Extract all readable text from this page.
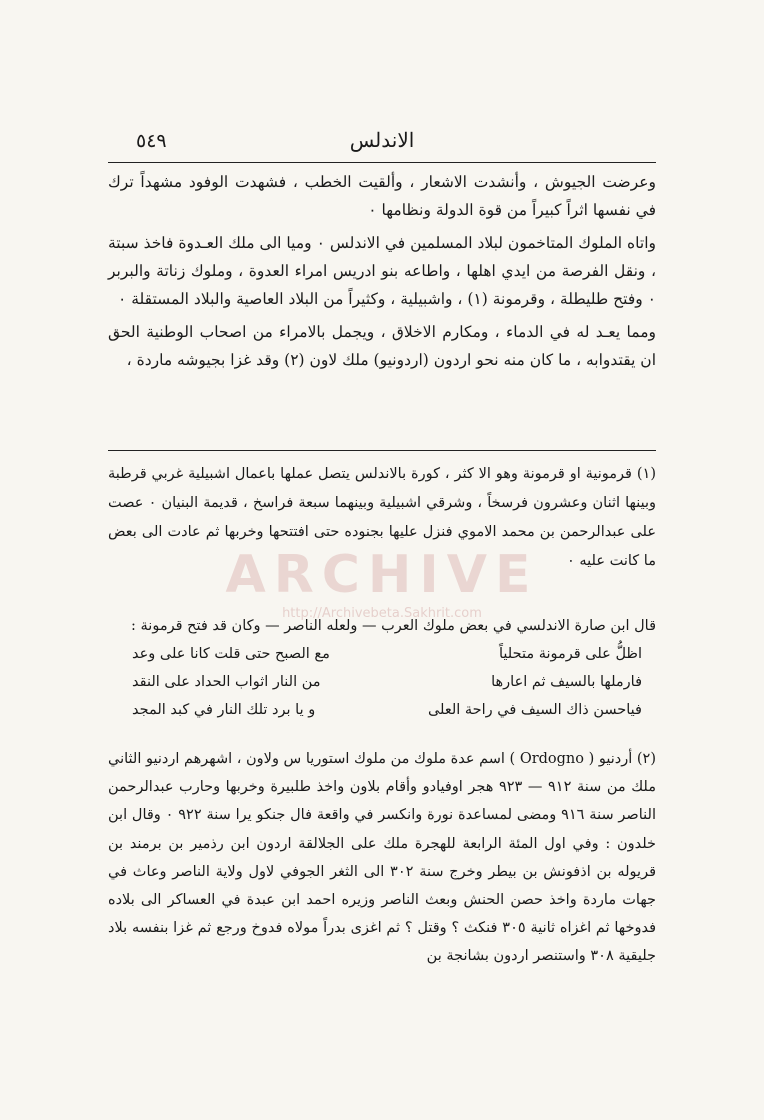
٥٤٩	الاندلس

وعرضت الجيوش ، وأنشدت الاشعار ، وألقيت الخطب ، فشهدت الوفود مشهداً ترك في نفسها اثراً كبيراً من قوة الدولة ونظامها ٠

واتاه الملوك المتاخمون لبلاد المسلمين في الاندلس ٠ وميا الى ملك العـدوة فاخذ سبتة ، ونقل الفرصة من ايدي اهلها ، واطاعه بنو ادريس امراء العدوة ، وملوك زناتة والبربر ٠ وفتح طليطلة ، وقرمونة (١) ، واشبيلية ، وكثيراً من البلاد العاصية والبلاد المستقلة ٠

ومما يعـد له في الدماء ، ومكارم الاخلاق ، ويجمل بالامراء من اصحاب الوطنية الحق ان يقتدوابه ، ما كان منه نحو اردون (اردونيو) ملك لاون (٢) وقد غزا بجيوشه ماردة ،

(١) قرمونية او قرمونة وهو الا كثر ، كورة بالاندلس يتصل عملها باعمال اشبيلية غربي قرطبة وبينها اثنان وعشرون فرسخاً ، وشرقي اشبيلية وبينهما سبعة فراسخ ، قديمة البنيان ٠ عصت على عبدالرحمن بن محمد الاموي فنزل عليها بجنوده حتى افتتحها وخربها ثم عادت الى بعض ما كانت عليه ٠

قال ابن صارة الاندلسي في بعض ملوك العرب — ولعله الناصر — وكان قد فتح قرمونة :

اظلُّ على قرمونة متحلياً
مع الصبح حتى قلت كانا على وعد
فارملها بالسيف ثم اعارها
من النار اثواب الحداد على النقد
فياحسن ذاك السيف في راحة العلى
و يا برد تلك النار في كبد المجد

(٢) أردنيو ( Ordogno ) اسم عدة ملوك من ملوك استوريا س ولاون ، اشهرهم اردنيو الثاني ملك من سنة ٩١٢ — ٩٢٣ هجر اوفيادو وأقام بلاون واخذ طلبيرة وخربها وحارب عبدالرحمن الناصر سنة ٩١٦ ومضى لمساعدة نورة وانكسر في واقعة فال جنكو يرا سنة ٩٢٢ ٠ وقال ابن خلدون : وفي اول المئة الرابعة للهجرة ملك على الجلالقة اردون ابن رذمير بن برمند بن قريوله بن اذفونش بن بيطر وخرج سنة ٣٠٢ الى الثغر الجوفي لاول ولاية الناصر وعاث في جهات ماردة واخذ حصن الحنش وبعث الناصر وزيره احمد ابن عبدة في العساكر الى بلاده فدوخها ثم اغزاه ثانية ٣٠٥ فنكث ؟ وقتل ؟ ثم اغزى بدراً مولاه فدوخ ورجع ثم غزا بنفسه بلاد جليقية ٣٠٨ واستنصر اردون بشانجة بن

ARCHIVE
http://Archivebeta.Sakhrit.com
